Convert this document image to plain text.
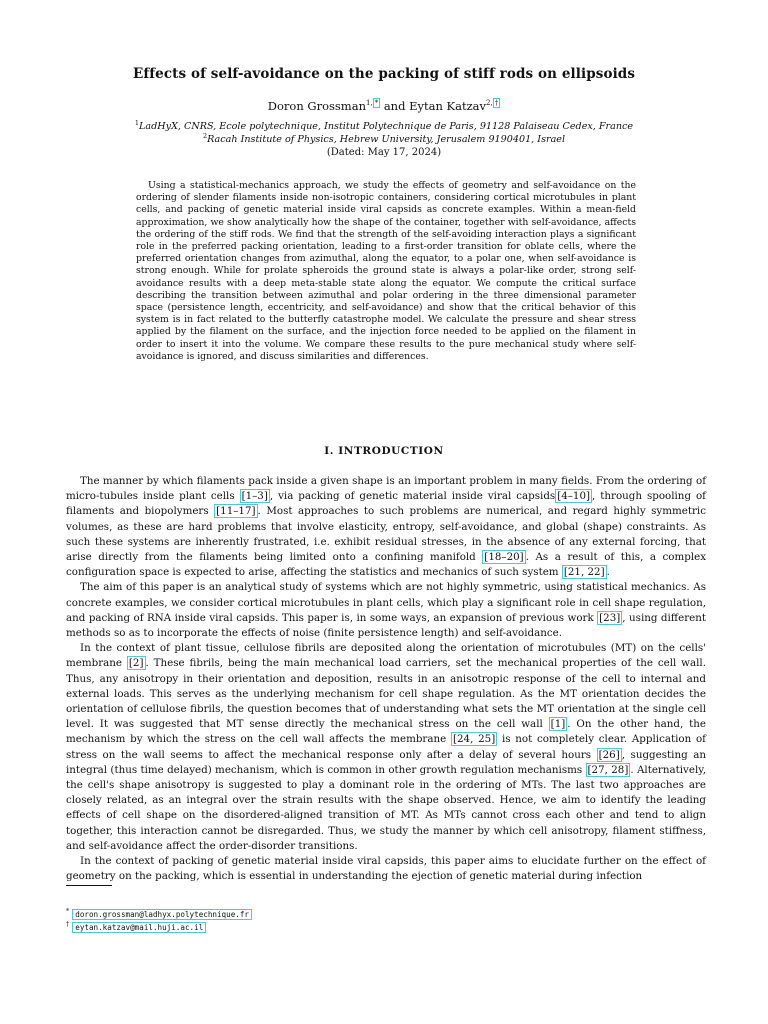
Effects of self-avoidance on the packing of stiff rods on ellipsoids
Doron Grossman$^{1,}$ * and Eytan Katzav$^{2,}$ †
$^1$LadHyX, CNRS, Ecole polytechnique, Institut Polytechnique de Paris, 91128 Palaiseau Cedex, France
$^2$Racah Institute of Physics, Hebrew University, Jerusalem 9190401, Israel
(Dated: May 17, 2024)

Using a statistical-mechanics approach, we study the effects of geometry and self-avoidance on the ordering of slender filaments inside non-isotropic containers, considering cortical microtubules in plant cells, and packing of genetic material inside viral capsids as concrete examples. Within a mean-field approximation, we show analytically how the shape of the container, together with self-avoidance, affects the ordering of the stiff rods. We find that the strength of the self-avoiding interaction plays a significant role in the preferred packing orientation, leading to a first-order transition for oblate cells, where the preferred orientation changes from azimuthal, along the equator, to a polar one, when self-avoidance is strong enough. While for prolate spheroids the ground state is always a polar-like order, strong self-avoidance results with a deep meta-stable state along the equator. We compute the critical surface describing the transition between azimuthal and polar ordering in the three dimensional parameter space (persistence length, eccentricity, and self-avoidance) and show that the critical behavior of this system is in fact related to the butterfly catastrophe model. We calculate the pressure and shear stress applied by the filament on the surface, and the injection force needed to be applied on the filament in order to insert it into the volume. We compare these results to the pure mechanical study where self-avoidance is ignored, and discuss similarities and differences.

I. INTRODUCTION

The manner by which filaments pack inside a given shape is an important problem in many fields. From the ordering of micro-tubules inside plant cells [1–3] , via packing of genetic material inside viral capsids [4–10] , through spooling of filaments and biopolymers [11–17] . Most approaches to such problems are numerical, and regard highly symmetric volumes, as these are hard problems that involve elasticity, entropy, self-avoidance, and global (shape) constraints. As such these systems are inherently frustrated, i.e. exhibit residual stresses, in the absence of any external forcing, that arise directly from the filaments being limited onto a confining manifold [18–20] . As a result of this, a complex configuration space is expected to arise, affecting the statistics and mechanics of such system [21, 22] .

The aim of this paper is an analytical study of systems which are not highly symmetric, using statistical mechanics. As concrete examples, we consider cortical microtubules in plant cells, which play a significant role in cell shape regulation, and packing of RNA inside viral capsids. This paper is, in some ways, an expansion of previous work [23] , using different methods so as to incorporate the effects of noise (finite persistence length) and self-avoidance.

In the context of plant tissue, cellulose fibrils are deposited along the orientation of microtubules (MT) on the cells' membrane [2] . These fibrils, being the main mechanical load carriers, set the mechanical properties of the cell wall. Thus, any anisotropy in their orientation and deposition, results in an anisotropic response of the cell to internal and external loads. This serves as the underlying mechanism for cell shape regulation. As the MT orientation decides the orientation of cellulose fibrils, the question becomes that of understanding what sets the MT orientation at the single cell level. It was suggested that MT sense directly the mechanical stress on the cell wall [1] . On the other hand, the mechanism by which the stress on the cell wall affects the membrane [24, 25] is not completely clear. Application of stress on the wall seems to affect the mechanical response only after a delay of several hours [26] , suggesting an integral (thus time delayed) mechanism, which is common in other growth regulation mechanisms [27, 28] . Alternatively, the cell's shape anisotropy is suggested to play a dominant role in the ordering of MTs. The last two approaches are closely related, as an integral over the strain results with the shape observed. Hence, we aim to identify the leading effects of cell shape on the disordered-aligned transition of MT. As MTs cannot cross each other and tend to align together, this interaction cannot be disregarded. Thus, we study the manner by which cell anisotropy, filament stiffness, and self-avoidance affect the order-disorder transitions.

In the context of packing of genetic material inside viral capsids, this paper aims to elucidate further on the effect of geometry on the packing, which is essential in understanding the ejection of genetic material during infection

* doron.grossman@ladhyx.polytechnique.fr
† eytan.katzav@mail.huji.ac.il
